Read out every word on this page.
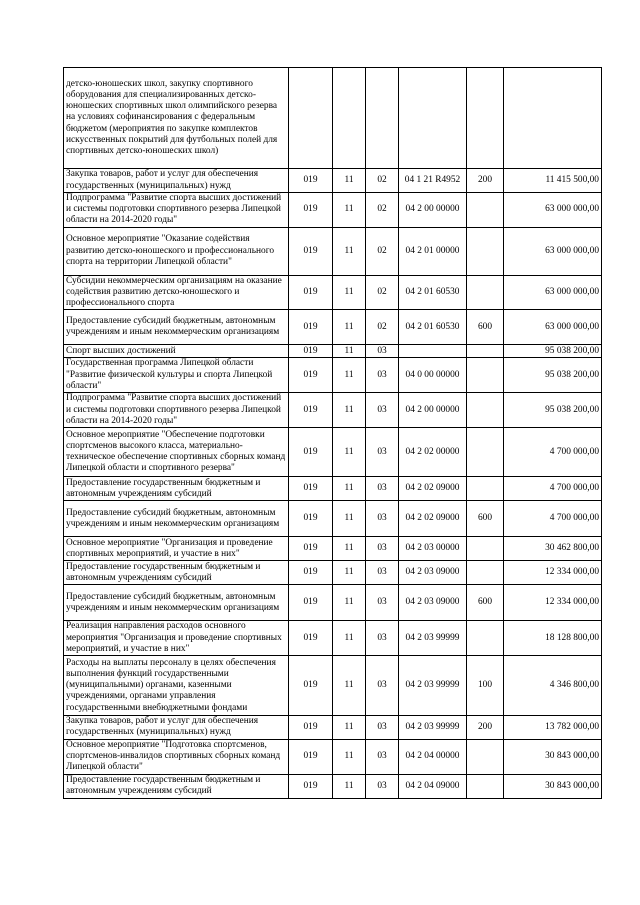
детско-юношеских школ, закупку спортивного оборудования для специализированных детско-юношеских спортивных школ олимпийского резерва на условиях софинансирования с федеральным бюджетом (мероприятия по закупке комплектов искусственных покрытий для футбольных полей для спортивных детско-юношеских школ)						
Закупка товаров, работ и услуг для обеспечения государственных (муниципальных) нужд	019	11	02	04 1 21 R4952	200	11 415 500,00
Подпрограмма "Развитие спорта высших достижений и системы подготовки спортивного резерва Липецкой области на 2014-2020 годы"	019	11	02	04 2 00 00000		63 000 000,00
Основное мероприятие "Оказание содействия развитию детско-юношеского и профессионального спорта на территории Липецкой области"	019	11	02	04 2 01 00000		63 000 000,00
Субсидии некоммерческим организациям на оказание содействия развитию детско-юношеского и профессионального спорта	019	11	02	04 2 01 60530		63 000 000,00
Предоставление субсидий бюджетным, автономным учреждениям и иным некоммерческим организациям	019	11	02	04 2 01 60530	600	63 000 000,00
Спорт высших достижений	019	11	03			95 038 200,00
Государственная программа Липецкой области "Развитие физической культуры и спорта Липецкой области"	019	11	03	04 0 00 00000		95 038 200,00
Подпрограмма "Развитие спорта высших достижений и системы подготовки спортивного резерва Липецкой области на 2014-2020 годы"	019	11	03	04 2 00 00000		95 038 200,00
Основное мероприятие "Обеспечение подготовки спортсменов высокого класса, материально-техническое обеспечение спортивных сборных команд Липецкой области и спортивного резерва"	019	11	03	04 2 02 00000		4 700 000,00
Предоставление государственным бюджетным и автономным учреждениям субсидий	019	11	03	04 2 02 09000		4 700 000,00
Предоставление субсидий бюджетным, автономным учреждениям и иным некоммерческим организациям	019	11	03	04 2 02 09000	600	4 700 000,00
Основное мероприятие "Организация и проведение спортивных мероприятий, и участие в них"	019	11	03	04 2 03 00000		30 462 800,00
Предоставление государственным бюджетным и автономным учреждениям субсидий	019	11	03	04 2 03 09000		12 334 000,00
Предоставление субсидий бюджетным, автономным учреждениям и иным некоммерческим организациям	019	11	03	04 2 03 09000	600	12 334 000,00
Реализация направления расходов основного мероприятия "Организация и проведение спортивных мероприятий, и участие в них"	019	11	03	04 2 03 99999		18 128 800,00
Расходы на выплаты персоналу в целях обеспечения выполнения функций государственными (муниципальными) органами, казенными учреждениями, органами управления государственными внебюджетными фондами	019	11	03	04 2 03 99999	100	4 346 800,00
Закупка товаров, работ и услуг для обеспечения государственных (муниципальных) нужд	019	11	03	04 2 03 99999	200	13 782 000,00
Основное мероприятие "Подготовка спортсменов, спортсменов-инвалидов спортивных сборных команд Липецкой области"	019	11	03	04 2 04 00000		30 843 000,00
Предоставление государственным бюджетным и автономным учреждениям субсидий	019	11	03	04 2 04 09000		30 843 000,00
